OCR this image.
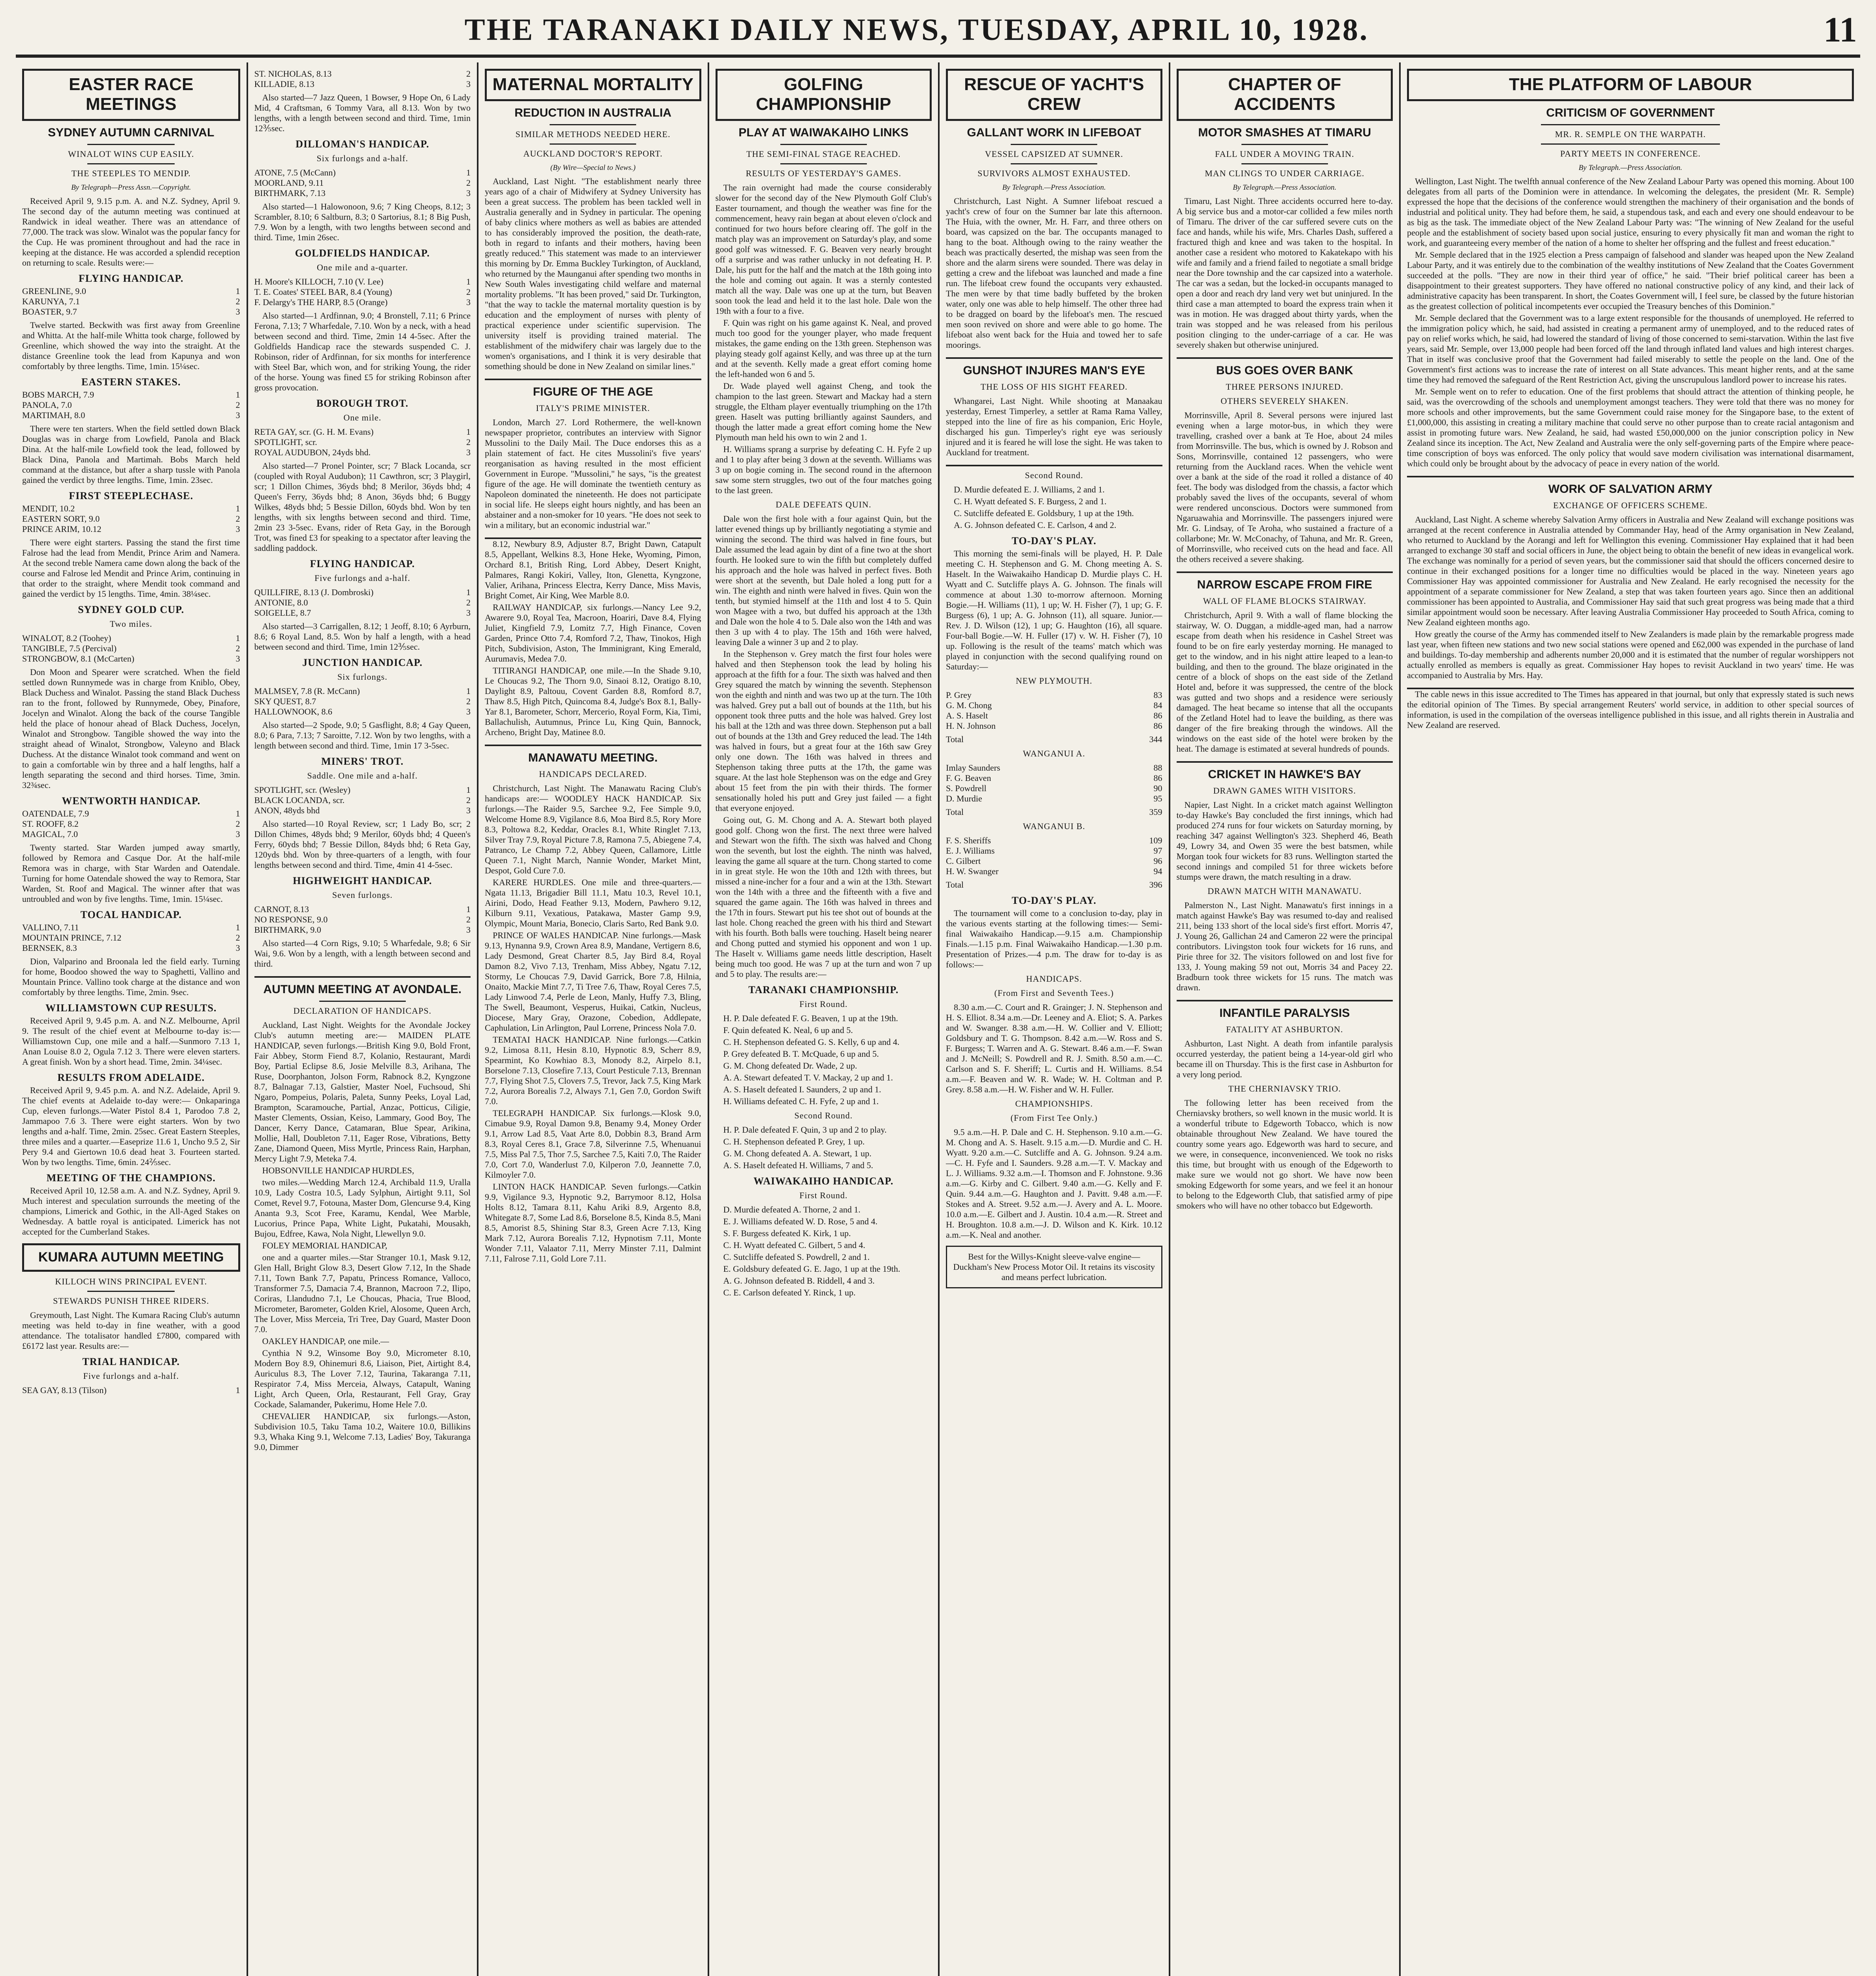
THE TARANAKI DAILY NEWS, TUESDAY, APRIL 10, 1928.	11
EASTER RACE MEETINGS
SYDNEY AUTUMN CARNIVAL
WINALOT WINS CUP EASILY.
THE STEEPLES TO MENDIP.
By Telegraph—Press Assn.—Copyright.

Received April 9, 9.15 p.m. A. and N.Z. Sydney, April 9. The second day of the autumn meeting was continued at Randwick in ideal weather. There was an attendance of 77,000. The track was slow. Winalot was the popular fancy for the Cup. He was prominent throughout and had the race in keeping at the distance. He was accorded a splendid reception on returning to scale. Results were:—

FLYING HANDICAP.
GREENLINE, 9.0	1
KARUNYA, 7.1	2
BOASTER, 9.7	3

Twelve started. Beckwith was first away from Greenline and Whitta. At the half-mile Whitta took charge, followed by Greenline, which showed the way into the straight. At the distance Greenline took the lead from Kapunya and won comfortably by three lengths. Time, 1min. 15¼sec.

EASTERN STAKES.
BOBS MARCH, 7.9	1
PANOLA, 7.0	2
MARTIMAH, 8.0	3

There were ten starters. When the field settled down Black Douglas was in charge from Lowfield, Panola and Black Dina. At the half-mile Lowfield took the lead, followed by Black Dina, Panola and Martimah. Bobs March held command at the distance, but after a sharp tussle with Panola gained the verdict by three lengths. Time, 1min. 23sec.

FIRST STEEPLECHASE.
MENDIT, 10.2	1
EASTERN SORT, 9.0	2
PRINCE ARIM, 10.12	3

There were eight starters. Passing the stand the first time Falrose had the lead from Mendit, Prince Arim and Namera. At the second treble Namera came down along the back of the course and Falrose led Mendit and Prince Arim, continuing in that order to the straight, where Mendit took command and gained the verdict by 15 lengths. Time, 4min. 38¼sec.

SYDNEY GOLD CUP.
Two miles.
WINALOT, 8.2 (Toohey)	1
TANGIBLE, 7.5 (Percival)	2
STRONGBOW, 8.1 (McCarten)	3

Don Moon and Spearer were scratched. When the field settled down Runnymede was in charge from Kniblo, Obey, Black Duchess and Winalot. Passing the stand Black Duchess ran to the front, followed by Runnymede, Obey, Pinafore, Jocelyn and Winalot. Along the back of the course Tangible held the place of honour ahead of Black Duchess, Jocelyn, Winalot and Strongbow. Tangible showed the way into the straight ahead of Winalot, Strongbow, Valeyno and Black Duchess. At the distance Winalot took command and went on to gain a comfortable win by three and a half lengths, half a length separating the second and third horses. Time, 3min. 32¾sec.

WENTWORTH HANDICAP.
OATENDALE, 7.9	1
ST. ROOFF, 8.2	2
MAGICAL, 7.0	3

Twenty started. Star Warden jumped away smartly, followed by Remora and Casque Dor. At the half-mile Remora was in charge, with Star Warden and Oatendale. Turning for home Oatendale showed the way to Remora, Star Warden, St. Roof and Magical. The winner after that was untroubled and won by five lengths. Time, 1min. 15¼sec.

TOCAL HANDICAP.
VALLINO, 7.11	1
MOUNTAIN PRINCE, 7.12	2
BERNSEK, 8.3	3

Dion, Valparino and Broonala led the field early. Turning for home, Boodoo showed the way to Spaghetti, Vallino and Mountain Prince. Vallino took charge at the distance and won comfortably by three lengths. Time, 2min. 9sec.

WILLIAMSTOWN CUP RESULTS.

Received April 9, 9.45 p.m. A. and N.Z. Melbourne, April 9. The result of the chief event at Melbourne to-day is:— Williamstown Cup, one mile and a half.—Sunmoro 7.13 1, Anan Louise 8.0 2, Ogula 7.12 3. There were eleven starters. A great finish. Won by a short head. Time, 2min. 34¼sec.

RESULTS FROM ADELAIDE.

Received April 9, 9.45 p.m. A. and N.Z. Adelaide, April 9. The chief events at Adelaide to-day were:— Onkaparinga Cup, eleven furlongs.—Water Pistol 8.4 1, Parodoo 7.8 2, Jammapoo 7.6 3. There were eight starters. Won by two lengths and a-half. Time, 2min. 25sec. Great Eastern Steeples, three miles and a quarter.—Easeprize 11.6 1, Uncho 9.5 2, Sir Pery 9.4 and Giertown 10.6 dead heat 3. Fourteen started. Won by two lengths. Time, 6min. 24⅖sec.

MEETING OF THE CHAMPIONS.

Received April 10, 12.58 a.m. A. and N.Z. Sydney, April 9. Much interest and speculation surrounds the meeting of the champions, Limerick and Gothic, in the All-Aged Stakes on Wednesday. A battle royal is anticipated. Limerick has not accepted for the Cumberland Stakes.

KUMARA AUTUMN MEETING
KILLOCH WINS PRINCIPAL EVENT.
STEWARDS PUNISH THREE RIDERS.

Greymouth, Last Night. The Kumara Racing Club's autumn meeting was held to-day in fine weather, with a good attendance. The totalisator handled £7800, compared with £6172 last year. Results are:—

TRIAL HANDICAP.
Five furlongs and a-half.
SEA GAY, 8.13 (Tilson)	1
ST. NICHOLAS, 8.13	2
KILLADIE, 8.13	3

Also started—7 Jazz Queen, 1 Bowser, 9 Hope On, 6 Lady Mid, 4 Craftsman, 6 Tommy Vara, all 8.13. Won by two lengths, with a length between second and third. Time, 1min 12⅗sec.

DILLOMAN'S HANDICAP.
Six furlongs and a-half.
ATONE, 7.5 (McCann)	1
MOORLAND, 9.11	2
BIRTHMARK, 7.13	3

Also started—1 Halowonoon, 9.6; 7 King Cheops, 8.12; 3 Scrambler, 8.10; 6 Saltburn, 8.3; 0 Sartorius, 8.1; 8 Big Push, 7.9. Won by a length, with two lengths between second and third. Time, 1min 26sec.

GOLDFIELDS HANDICAP.
One mile and a-quarter.
H. Moore's KILLOCH, 7.10 (V. Lee)	1
T. E. Coates' STEEL BAR, 8.4 (Young)	2
F. Delargy's THE HARP, 8.5 (Orange)	3

Also started—1 Ardfinnan, 9.0; 4 Bronstell, 7.11; 6 Prince Ferona, 7.13; 7 Wharfedale, 7.10. Won by a neck, with a head between second and third. Time, 2min 14 4-5sec. After the Goldfields Handicap race the stewards suspended C. J. Robinson, rider of Ardfinnan, for six months for interference with Steel Bar, which won, and for striking Young, the rider of the horse. Young was fined £5 for striking Robinson after gross provocation.

BOROUGH TROT.
One mile.
RETA GAY, scr. (G. H. M. Evans)	1
SPOTLIGHT, scr.	2
ROYAL AUDUBON, 24yds bhd.	3

Also started—7 Pronel Pointer, scr; 7 Black Locanda, scr (coupled with Royal Audubon); 11 Cawthron, scr; 3 Playgirl, scr; 1 Dillon Chimes, 36yds bhd; 8 Merilor, 36yds bhd; 4 Queen's Ferry, 36yds bhd; 8 Anon, 36yds bhd; 6 Buggy Wilkes, 48yds bhd; 5 Bessie Dillon, 60yds bhd. Won by ten lengths, with six lengths between second and third. Time, 2min 23 3-5sec. Evans, rider of Reta Gay, in the Borough Trot, was fined £3 for speaking to a spectator after leaving the saddling paddock.

FLYING HANDICAP.
Five furlongs and a-half.
QUILLFIRE, 8.13 (J. Dombroski)	1
ANTONIE, 8.0	2
SOIGELLE, 8.7	3

Also started—3 Carrigallen, 8.12; 1 Jeoff, 8.10; 6 Ayrburn, 8.6; 6 Royal Land, 8.5. Won by half a length, with a head between second and third. Time, 1min 12⅗sec.

JUNCTION HANDICAP.
Six furlongs.
MALMSEY, 7.8 (R. McCann)	1
SKY QUEST, 8.7	2
HALLOWNOOK, 8.6	3

Also started—2 Spode, 9.0; 5 Gasflight, 8.8; 4 Gay Queen, 8.0; 6 Para, 7.13; 7 Saroitte, 7.12. Won by two lengths, with a length between second and third. Time, 1min 17 3-5sec.

MINERS' TROT.
Saddle. One mile and a-half.
SPOTLIGHT, scr. (Wesley)	1
BLACK LOCANDA, scr.	2
ANON, 48yds bhd	3

Also started—10 Royal Review, scr; 1 Lady Bo, scr; 2 Dillon Chimes, 48yds bhd; 9 Merilor, 60yds bhd; 4 Queen's Ferry, 60yds bhd; 7 Bessie Dillon, 84yds bhd; 6 Reta Gay, 120yds bhd. Won by three-quarters of a length, with four lengths between second and third. Time, 4min 41 4-5sec.

HIGHWEIGHT HANDICAP.
Seven furlongs.
CARNOT, 8.13	1
NO RESPONSE, 9.0	2
BIRTHMARK, 9.0	3

Also started—4 Corn Rigs, 9.10; 5 Wharfedale, 9.8; 6 Sir Wai, 9.6. Won by a length, with a length between second and third.

AUTUMN MEETING AT AVONDALE.
DECLARATION OF HANDICAPS.

Auckland, Last Night. Weights for the Avondale Jockey Club's autumn meeting are:— MAIDEN PLATE HANDICAP, seven furlongs.—British King 9.0, Bold Front, Fair Abbey, Storm Fiend 8.7, Kolanio, Restaurant, Mardi Boy, Partial Eclipse 8.6, Josie Melville 8.3, Arihana, The Ruse, Doorphanton, Jolson Form, Rabnock 8.2, Kyngzone 8.7, Balnagar 7.13, Galstier, Master Noel, Fuchsoud, Shi Ngaro, Pompeius, Polaris, Paleta, Sunny Peeks, Loyal Lad, Brampton, Scaramouche, Partial, Anzac, Potticus, Ciligie, Master Clements, Ossian, Keiso, Lammary, Good Boy, The Dancer, Kerry Dance, Catamaran, Blue Spear, Arikina, Mollie, Hall, Doubleton 7.11, Eager Rose, Vibrations, Betty Zane, Diamond Queen, Miss Myrtle, Princess Rain, Harphan, Mercy Light 7.9, Meteka 7.4.

HOBSONVILLE HANDICAP HURDLES,

two miles.—Wedding March 12.4, Archibald 11.9, Uralla 10.9, Lady Costra 10.5, Lady Sylphun, Airtight 9.11, Sol Comet, Revel 9.7, Fotouna, Master Dom, Glencurse 9.4, King Ananta 9.3, Scot Free, Karamu, Kendal, Wee Marble, Lucorius, Prince Papa, White Light, Pukatahi, Mousakh, Bujou, Edfree, Kawa, Nola Night, Llewellyn 9.0.

FOLEY MEMORIAL HANDICAP,

one and a quarter miles.—Star Stranger 10.1, Mask 9.12, Glen Hall, Bright Glow 8.3, Desert Glow 7.12, In the Shade 7.11, Town Bank 7.7, Papatu, Princess Romance, Valloco, Transformer 7.5, Damacia 7.4, Brannon, Macroon 7.2, Ilipo, Coriras, Llandudno 7.1, Le Choucas, Phacia, True Blood, Micrometer, Barometer, Golden Kriel, Alosome, Queen Arch, The Lover, Miss Merceia, Tri Tree, Day Guard, Master Doon 7.0.

OAKLEY HANDICAP, one mile.—

Cynthia N 9.2, Winsome Boy 9.0, Micrometer 8.10, Modern Boy 8.9, Ohinemuri 8.6, Liaison, Piet, Airtight 8.4, Auriculus 8.3, The Lover 7.12, Taurina, Takaranga 7.11, Respirator 7.4, Miss Merceia, Always, Catapult, Waning Light, Arch Queen, Orla, Restaurant, Fell Gray, Gray Cockade, Salamander, Pukerimu, Home Hele 7.0.

CHEVALIER HANDICAP, six furlongs.—Aston, Subdivision 10.5, Taku Tama 10.2, Waitere 10.0, Billikins 9.3, Whaka King 9.1, Welcome 7.13, Ladies' Boy, Takuranga 9.0, Dimmer

MATERNAL MORTALITY
REDUCTION IN AUSTRALIA
SIMILAR METHODS NEEDED HERE.
AUCKLAND DOCTOR'S REPORT.
(By Wire—Special to News.)

Auckland, Last Night. "The establishment nearly three years ago of a chair of Midwifery at Sydney University has been a great success. The problem has been tackled well in Australia generally and in Sydney in particular. The opening of baby clinics where mothers as well as babies are attended to has considerably improved the position, the death-rate, both in regard to infants and their mothers, having been greatly reduced." This statement was made to an interviewer this morning by Dr. Emma Buckley Turkington, of Auckland, who returned by the Maunganui after spending two months in New South Wales investigating child welfare and maternal mortality problems. "It has been proved," said Dr. Turkington, "that the way to tackle the maternal mortality question is by education and the employment of nurses with plenty of practical experience under scientific supervision. The university itself is providing trained material. The establishment of the midwifery chair was largely due to the women's organisations, and I think it is very desirable that something should be done in New Zealand on similar lines."

FIGURE OF THE AGE
ITALY'S PRIME MINISTER.

London, March 27. Lord Rothermere, the well-known newspaper proprietor, contributes an interview with Signor Mussolini to the Daily Mail. The Duce endorses this as a plain statement of fact. He cites Mussolini's five years' reorganisation as having resulted in the most efficient Government in Europe. "Mussolini," he says, "is the greatest figure of the age. He will dominate the twentieth century as Napoleon dominated the nineteenth. He does not participate in social life. He sleeps eight hours nightly, and has been an abstainer and a non-smoker for 10 years. "He does not seek to win a military, but an economic industrial war."

8.12, Newbury 8.9, Adjuster 8.7, Bright Dawn, Catapult 8.5, Appellant, Welkins 8.3, Hone Heke, Wyoming, Pimon, Orchard 8.1, British Ring, Lord Abbey, Desert Knight, Palmares, Rangi Kokiri, Valley, Iton, Glenetta, Kyngzone, Valier, Arihana, Princess Electra, Kerry Dance, Miss Mavis, Bright Comet, Air King, Wee Marble 8.0.

RAILWAY HANDICAP, six furlongs.—Nancy Lee 9.2, Awarere 9.0, Royal Tea, Macroon, Hoariri, Dave 8.4, Flying Juliet, Kingfield 7.9, Lomitz 7.7, High Finance, Coven Garden, Prince Otto 7.4, Romford 7.2, Thaw, Tinokos, High Pitch, Subdivision, Aston, The Imminigrant, King Emerald, Aurumavis, Medea 7.0.

TITIRANGI HANDICAP, one mile.—In the Shade 9.10, Le Choucas 9.2, The Thorn 9.0, Sinaoi 8.12, Oratigo 8.10, Daylight 8.9, Paltouu, Covent Garden 8.8, Romford 8.7, Thaw 8.5, High Pitch, Quincoma 8.4, Judge's Box 8.1, Bally-Yar 8.1, Barometer, Schorr, Mercerio, Royal Form, Kia, Timi, Ballachulish, Autumnus, Prince Lu, King Quin, Bannock, Archeno, Bright Day, Matinee 8.0.

MANAWATU MEETING.
HANDICAPS DECLARED.

Christchurch, Last Night. The Manawatu Racing Club's handicaps are:— WOODLEY HACK HANDICAP. Six furlongs.—The Raider 9.5, Sarchee 9.2, Fee Simple 9.0, Welcome Home 8.9, Vigilance 8.6, Moa Bird 8.5, Rory More 8.3, Poltowa 8.2, Keddar, Oracles 8.1, White Ringlet 7.13, Silver Tray 7.9, Royal Picture 7.8, Ramona 7.5, Abiegene 7.4, Patranco, Le Champ 7.2, Abbey Queen, Callamore, Little Queen 7.1, Night March, Nannie Wonder, Market Mint, Despot, Gold Cure 7.0.

KARERE HURDLES. One mile and three-quarters.—Ngata 11.13, Brigadier Bill 11.1, Matu 10.3, Revel 10.1, Airini, Dodo, Head Feather 9.13, Modern, Pawhero 9.12, Kilburn 9.11, Vexatious, Patakawa, Master Gamp 9.9, Olympic, Mount Maria, Bonecio, Claris Sarto, Red Bank 9.0.

PRINCE OF WALES HANDICAP. Nine furlongs.—Mask 9.13, Hynanna 9.9, Crown Area 8.9, Mandane, Vertigern 8.6, Lady Desmond, Great Charter 8.5, Jay Bird 8.4, Royal Damon 8.2, Vivo 7.13, Trenham, Miss Abbey, Ngatu 7.12, Stormy, Le Choucas 7.9, David Garrick, Bore 7.8, Hilnia, Onaito, Mackie Mint 7.7, Ti Tree 7.6, Thaw, Royal Ceres 7.5, Lady Linwood 7.4, Perle de Leon, Manly, Huffy 7.3, Bling, The Swell, Beaumont, Vesperus, Huikai, Catkin, Nucleus, Diocese, Mary Gray, Orazone, Cobedion, Addlepate, Caphulation, Lin Arlington, Paul Lorrene, Princess Nola 7.0.

TEMATAI HACK HANDICAP. Nine furlongs.—Catkin 9.2, Limosa 8.11, Hesin 8.10, Hypnotic 8.9, Scherr 8.9, Spearmint, Ko Kowhiao 8.3, Monody 8.2, Airpelo 8.1, Borselone 7.13, Closefire 7.13, Court Pesticule 7.13, Brennan 7.7, Flying Shot 7.5, Clovers 7.5, Trevor, Jack 7.5, King Mark 7.2, Aurora Borealis 7.2, Always 7.1, Gen 7.0, Gordon Swift 7.0.

TELEGRAPH HANDICAP. Six furlongs.—Klosk 9.0, Cimabue 9.9, Royal Damon 9.8, Benamy 9.4, Money Order 9.1, Arrow Lad 8.5, Vaat Arte 8.0, Dobbin 8.3, Brand Arm 8.3, Royal Ceres 8.1, Grace 7.8, Silverinne 7.5, Whenuanui 7.5, Miss Pal 7.5, Thor 7.5, Sarchee 7.5, Kaiti 7.0, The Raider 7.0, Cort 7.0, Wanderlust 7.0, Kilperon 7.0, Jeannette 7.0, Kilmoyler 7.0.

LINTON HACK HANDICAP. Seven furlongs.—Catkin 9.9, Vigilance 9.3, Hypnotic 9.2, Barrymoor 8.12, Holsa Holts 8.12, Tamara 8.11, Kahu Ariki 8.9, Argento 8.8, Whitegate 8.7, Some Lad 8.6, Borselone 8.5, Kinda 8.5, Mani 8.5, Amorist 8.5, Shining Star 8.3, Green Acre 7.13, King Mark 7.12, Aurora Borealis 7.12, Hypnotism 7.11, Monte Wonder 7.11, Valaator 7.11, Merry Minster 7.11, Dalmint 7.11, Falrose 7.11, Gold Lore 7.11.

GOLFING CHAMPIONSHIP
PLAY AT WAIWAKAIHO LINKS
THE SEMI-FINAL STAGE REACHED.
RESULTS OF YESTERDAY'S GAMES.

The rain overnight had made the course considerably slower for the second day of the New Plymouth Golf Club's Easter tournament, and though the weather was fine for the commencement, heavy rain began at about eleven o'clock and continued for two hours before clearing off. The golf in the match play was an improvement on Saturday's play, and some good golf was witnessed. F. G. Beaven very nearly brought off a surprise and was rather unlucky in not defeating H. P. Dale, his putt for the half and the match at the 18th going into the hole and coming out again. It was a sternly contested match all the way. Dale was one up at the turn, but Beaven soon took the lead and held it to the last hole. Dale won the 19th with a four to a five.

F. Quin was right on his game against K. Neal, and proved much too good for the younger player, who made frequent mistakes, the game ending on the 13th green. Stephenson was playing steady golf against Kelly, and was three up at the turn and at the seventh. Kelly made a great effort coming home the left-handed won 6 and 5.

Dr. Wade played well against Cheng, and took the champion to the last green. Stewart and Mackay had a stern struggle, the Eltham player eventually triumphing on the 17th green. Haselt was putting brilliantly against Saunders, and though the latter made a great effort coming home the New Plymouth man held his own to win 2 and 1.

H. Williams sprang a surprise by defeating C. H. Fyfe 2 up and 1 to play after being 3 down at the seventh. Williams was 3 up on bogie coming in. The second round in the afternoon saw some stern struggles, two out of the four matches going to the last green.

DALE DEFEATS QUIN.

Dale won the first hole with a four against Quin, but the latter evened things up by brilliantly negotiating a stymie and winning the second. The third was halved in fine fours, but Dale assumed the lead again by dint of a fine two at the short fourth. He looked sure to win the fifth but completely duffed his approach and the hole was halved in perfect fives. Both were short at the seventh, but Dale holed a long putt for a win. The eighth and ninth were halved in fives. Quin won the tenth, but stymied himself at the 11th and lost 4 to 5. Quin won Magee with a two, but duffed his approach at the 13th and Dale won the hole 4 to 5. Dale also won the 14th and was then 3 up with 4 to play. The 15th and 16th were halved, leaving Dale a winner 3 up and 2 to play.

In the Stephenson v. Grey match the first four holes were halved and then Stephenson took the lead by holing his approach at the fifth for a four. The sixth was halved and then Grey squared the match by winning the seventh. Stephenson won the eighth and ninth and was two up at the turn. The 10th was halved. Grey put a ball out of bounds at the 11th, but his opponent took three putts and the hole was halved. Grey lost his ball at the 12th and was three down. Stephenson put a ball out of bounds at the 13th and Grey reduced the lead. The 14th was halved in fours, but a great four at the 16th saw Grey only one down. The 16th was halved in threes and Stephenson taking three putts at the 17th, the game was square. At the last hole Stephenson was on the edge and Grey about 15 feet from the pin with their thirds. The former sensationally holed his putt and Grey just failed — a fight that everyone enjoyed.

Going out, G. M. Chong and A. A. Stewart both played good golf. Chong won the first. The next three were halved and Stewart won the fifth. The sixth was halved and Chong won the seventh, but lost the eighth. The ninth was halved, leaving the game all square at the turn. Chong started to come in in great style. He won the 10th and 12th with threes, but missed a nine-incher for a four and a win at the 13th. Stewart won the 14th with a three and the fifteenth with a five and squared the game again. The 16th was halved in threes and the 17th in fours. Stewart put his tee shot out of bounds at the last hole. Chong reached the green with his third and Stewart with his fourth. Both balls were touching. Haselt being nearer and Chong putted and stymied his opponent and won 1 up. The Haselt v. Williams game needs little description, Haselt being much too good. He was 7 up at the turn and won 7 up and 5 to play. The results are:—

TARANAKI CHAMPIONSHIP.
First Round.

H. P. Dale defeated F. G. Beaven, 1 up at the 19th.

F. Quin defeated K. Neal, 6 up and 5.

C. H. Stephenson defeated G. S. Kelly, 6 up and 4.

P. Grey defeated B. T. McQuade, 6 up and 5.

G. M. Chong defeated Dr. Wade, 2 up.

A. A. Stewart defeated T. V. Mackay, 2 up and 1.

A. S. Haselt defeated I. Saunders, 2 up and 1.

H. Williams defeated C. H. Fyfe, 2 up and 1.

Second Round.

H. P. Dale defeated F. Quin, 3 up and 2 to play.

C. H. Stephenson defeated P. Grey, 1 up.

G. M. Chong defeated A. A. Stewart, 1 up.

A. S. Haselt defeated H. Williams, 7 and 5.

WAIWAKAIHO HANDICAP.
First Round.

D. Murdie defeated A. Thorne, 2 and 1.

E. J. Williams defeated W. D. Rose, 5 and 4.

S. F. Burgess defeated K. Kirk, 1 up.

C. H. Wyatt defeated C. Gilbert, 5 and 4.

C. Sutcliffe defeated S. Powdrell, 2 and 1.

E. Goldsbury defeated G. E. Jago, 1 up at the 19th.

A. G. Johnson defeated B. Riddell, 4 and 3.

C. E. Carlson defeated Y. Rinck, 1 up.

RESCUE OF YACHT'S CREW
GALLANT WORK IN LIFEBOAT
VESSEL CAPSIZED AT SUMNER.
SURVIVORS ALMOST EXHAUSTED.
By Telegraph.—Press Association.

Christchurch, Last Night. A Sumner lifeboat rescued a yacht's crew of four on the Sumner bar late this afternoon. The Huia, with the owner, Mr. H. Farr, and three others on board, was capsized on the bar. The occupants managed to hang to the boat. Although owing to the rainy weather the beach was practically deserted, the mishap was seen from the shore and the alarm sirens were sounded. There was delay in getting a crew and the lifeboat was launched and made a fine run. The lifeboat crew found the occupants very exhausted. The men were by that time badly buffeted by the broken water, only one was able to help himself. The other three had to be dragged on board by the lifeboat's men. The rescued men soon revived on shore and were able to go home. The lifeboat also went back for the Huia and towed her to safe moorings.

GUNSHOT INJURES MAN'S EYE
THE LOSS OF HIS SIGHT FEARED.

Whangarei, Last Night. While shooting at Manaakau yesterday, Ernest Timperley, a settler at Rama Rama Valley, stepped into the line of fire as his companion, Eric Hoyle, discharged his gun. Timperley's right eye was seriously injured and it is feared he will lose the sight. He was taken to Auckland for treatment.

Second Round.

D. Murdie defeated E. J. Williams, 2 and 1.

C. H. Wyatt defeated S. F. Burgess, 2 and 1.

C. Sutcliffe defeated E. Goldsbury, 1 up at the 19th.

A. G. Johnson defeated C. E. Carlson, 4 and 2.

TO-DAY'S PLAY.

This morning the semi-finals will be played, H. P. Dale meeting C. H. Stephenson and G. M. Chong meeting A. S. Haselt. In the Waiwakaiho Handicap D. Murdie plays C. H. Wyatt and C. Sutcliffe plays A. G. Johnson. The finals will commence at about 1.30 to-morrow afternoon. Morning Bogie.—H. Williams (11), 1 up; W. H. Fisher (7), 1 up; G. F. Burgess (6), 1 up; A. G. Johnson (11), all square. Junior.—Rev. J. D. Wilson (12), 1 up; G. Haughton (16), all square. Four-ball Bogie.—W. H. Fuller (17) v. W. H. Fisher (7), 10 up. Following is the result of the teams' match which was played in conjunction with the second qualifying round on Saturday:—

NEW PLYMOUTH.
P. Grey	83
G. M. Chong	84
A. S. Haselt	86
H. N. Johnson	86
Total	344
WANGANUI A.
Imlay Saunders	88
F. G. Beaven	86
S. Powdrell	90
D. Murdie	95
Total	359
WANGANUI B.
F. S. Sheriffs	109
E. J. Williams	97
C. Gilbert	96
H. W. Swanger	94
Total	396
TO-DAY'S PLAY.

The tournament will come to a conclusion to-day, play in the various events starting at the following times:— Semi-final Waiwakaiho Handicap.—9.15 a.m. Championship Finals.—1.15 p.m. Final Waiwakaiho Handicap.—1.30 p.m. Presentation of Prizes.—4 p.m. The draw for to-day is as follows:—

HANDICAPS.
(From First and Seventh Tees.)

8.30 a.m.—C. Court and R. Grainger; J. N. Stephenson and H. S. Elliot. 8.34 a.m.—Dr. Leeney and A. Eliot; S. A. Parkes and W. Swanger. 8.38 a.m.—H. W. Collier and V. Elliott; Goldsbury and T. G. Thompson. 8.42 a.m.—W. Ross and S. F. Burgess; T. Warren and A. G. Stewart. 8.46 a.m.—F. Swan and J. McNeill; S. Powdrell and R. J. Smith. 8.50 a.m.—C. Carlson and S. F. Sheriff; L. Curtis and H. Williams. 8.54 a.m.—F. Beaven and W. R. Wade; W. H. Coltman and P. Grey. 8.58 a.m.—H. W. Fisher and W. H. Fuller.

CHAMPIONSHIPS.
(From First Tee Only.)

9.5 a.m.—H. P. Dale and C. H. Stephenson. 9.10 a.m.—G. M. Chong and A. S. Haselt. 9.15 a.m.—D. Murdie and C. H. Wyatt. 9.20 a.m.—C. Sutcliffe and A. G. Johnson. 9.24 a.m.—C. H. Fyfe and I. Saunders. 9.28 a.m.—T. V. Mackay and L. J. Williams. 9.32 a.m.—I. Thomson and F. Johnstone. 9.36 a.m.—G. Kirby and C. Gilbert. 9.40 a.m.—G. Kelly and F. Quin. 9.44 a.m.—G. Haughton and J. Pavitt. 9.48 a.m.—F. Stokes and A. Street. 9.52 a.m.—J. Avery and A. L. Moore. 10.0 a.m.—E. Gilbert and J. Austin. 10.4 a.m.—R. Street and H. Broughton. 10.8 a.m.—J. D. Wilson and K. Kirk. 10.12 a.m.—K. Neal and another.

Best for the Willys-Knight sleeve-valve engine—Duckham's New Process Motor Oil. It retains its viscosity and means perfect lubrication.
CHAPTER OF ACCIDENTS
MOTOR SMASHES AT TIMARU
FALL UNDER A MOVING TRAIN.
MAN CLINGS TO UNDER CARRIAGE.
By Telegraph.—Press Association.

Timaru, Last Night. Three accidents occurred here to-day. A big service bus and a motor-car collided a few miles north of Timaru. The driver of the car suffered severe cuts on the face and hands, while his wife, Mrs. Charles Dash, suffered a fractured thigh and knee and was taken to the hospital. In another case a resident who motored to Kakatekapo with his wife and family and a friend failed to negotiate a small bridge near the Dore township and the car capsized into a waterhole. The car was a sedan, but the locked-in occupants managed to open a door and reach dry land very wet but uninjured. In the third case a man attempted to board the express train when it was in motion. He was dragged about thirty yards, when the train was stopped and he was released from his perilous position clinging to the under-carriage of a car. He was severely shaken but otherwise uninjured.

BUS GOES OVER BANK
THREE PERSONS INJURED.
OTHERS SEVERELY SHAKEN.

Morrinsville, April 8. Several persons were injured last evening when a large motor-bus, in which they were travelling, crashed over a bank at Te Hoe, about 24 miles from Morrinsville. The bus, which is owned by J. Robson and Sons, Morrinsville, contained 12 passengers, who were returning from the Auckland races. When the vehicle went over a bank at the side of the road it rolled a distance of 40 feet. The body was dislodged from the chassis, a factor which probably saved the lives of the occupants, several of whom were rendered unconscious. Doctors were summoned from Ngaruawahia and Morrinsville. The passengers injured were Mr. G. Lindsay, of Te Aroha, who sustained a fracture of a collarbone; Mr. W. McConachy, of Tahuna, and Mr. R. Green, of Morrinsville, who received cuts on the head and face. All the others received a severe shaking.

NARROW ESCAPE FROM FIRE
WALL OF FLAME BLOCKS STAIRWAY.

Christchurch, April 9. With a wall of flame blocking the stairway, W. O. Duggan, a middle-aged man, had a narrow escape from death when his residence in Cashel Street was found to be on fire early yesterday morning. He managed to get to the window, and in his night attire leaped to a lean-to building, and then to the ground. The blaze originated in the centre of a block of shops on the east side of the Zetland Hotel and, before it was suppressed, the centre of the block was gutted and two shops and a residence were seriously damaged. The heat became so intense that all the occupants of the Zetland Hotel had to leave the building, as there was danger of the fire breaking through the windows. All the windows on the east side of the hotel were broken by the heat. The damage is estimated at several hundreds of pounds.

CRICKET IN HAWKE'S BAY
DRAWN GAMES WITH VISITORS.

Napier, Last Night. In a cricket match against Wellington to-day Hawke's Bay concluded the first innings, which had produced 274 runs for four wickets on Saturday morning, by reaching 347 against Wellington's 323. Shepherd 46, Beath 49, Lowry 34, and Owen 35 were the best batsmen, while Morgan took four wickets for 83 runs. Wellington started the second innings and compiled 51 for three wickets before stumps were drawn, the match resulting in a draw.

DRAWN MATCH WITH MANAWATU.

Palmerston N., Last Night. Manawatu's first innings in a match against Hawke's Bay was resumed to-day and realised 211, being 133 short of the local side's first effort. Morris 47, J. Young 26, Gallichan 24 and Cameron 22 were the principal contributors. Livingston took four wickets for 16 runs, and Pirie three for 32. The visitors followed on and lost five for 133, J. Young making 59 not out, Morris 34 and Pacey 22. Bradburn took three wickets for 15 runs. The match was drawn.

INFANTILE PARALYSIS
FATALITY AT ASHBURTON.

Ashburton, Last Night. A death from infantile paralysis occurred yesterday, the patient being a 14-year-old girl who became ill on Thursday. This is the first case in Ashburton for a very long period.

THE CHERNIAVSKY TRIO.

The following letter has been received from the Cherniavsky brothers, so well known in the music world. It is a wonderful tribute to Edgeworth Tobacco, which is now obtainable throughout New Zealand. We have toured the country some years ago. Edgeworth was hard to secure, and we were, in consequence, inconvenienced. We took no risks this time, but brought with us enough of the Edgeworth to make sure we would not go short. We have now been smoking Edgeworth for some years, and we feel it an honour to belong to the Edgeworth Club, that satisfied army of pipe smokers who will have no other tobacco but Edgeworth.

THE PLATFORM OF LABOUR
CRITICISM OF GOVERNMENT
MR. R. SEMPLE ON THE WARPATH.
PARTY MEETS IN CONFERENCE.
By Telegraph.—Press Association.

Wellington, Last Night. The twelfth annual conference of the New Zealand Labour Party was opened this morning. About 100 delegates from all parts of the Dominion were in attendance. In welcoming the delegates, the president (Mr. R. Semple) expressed the hope that the decisions of the conference would strengthen the machinery of their organisation and the bonds of industrial and political unity. They had before them, he said, a stupendous task, and each and every one should endeavour to be as big as the task. The immediate object of the New Zealand Labour Party was: "The winning of New Zealand for the useful people and the establishment of society based upon social justice, ensuring to every physically fit man and woman the right to work, and guaranteeing every member of the nation of a home to shelter her offspring and the fullest and freest education."

Mr. Semple declared that in the 1925 election a Press campaign of falsehood and slander was heaped upon the New Zealand Labour Party, and it was entirely due to the combination of the wealthy institutions of New Zealand that the Coates Government succeeded at the polls. "They are now in their third year of office," he said. "Their brief political career has been a disappointment to their greatest supporters. They have offered no national constructive policy of any kind, and their lack of administrative capacity has been transparent. In short, the Coates Government will, I feel sure, be classed by the future historian as the greatest collection of political incompetents ever occupied the Treasury benches of this Dominion."

Mr. Semple declared that the Government was to a large extent responsible for the thousands of unemployed. He referred to the immigration policy which, he said, had assisted in creating a permanent army of unemployed, and to the reduced rates of pay on relief works which, he said, had lowered the standard of living of those concerned to semi-starvation. Within the last five years, said Mr. Semple, over 13,000 people had been forced off the land through inflated land values and high interest charges. That in itself was conclusive proof that the Government had failed miserably to settle the people on the land. One of the Government's first actions was to increase the rate of interest on all State advances. This meant higher rents, and at the same time they had removed the safeguard of the Rent Restriction Act, giving the unscrupulous landlord power to increase his rates.

Mr. Semple went on to refer to education. One of the first problems that should attract the attention of thinking people, he said, was the overcrowding of the schools and unemployment amongst teachers. They were told that there was no money for more schools and other improvements, but the same Government could raise money for the Singapore base, to the extent of £1,000,000, this assisting in creating a military machine that could serve no other purpose than to create racial antagonism and assist in promoting future wars. New Zealand, he said, had wasted £50,000,000 on the junior conscription policy in New Zealand since its inception. The Act, New Zealand and Australia were the only self-governing parts of the Empire where peace-time conscription of boys was enforced. The only policy that would save modern civilisation was international disarmament, which could only be brought about by the advocacy of peace in every nation of the world.

WORK OF SALVATION ARMY
EXCHANGE OF OFFICERS SCHEME.

Auckland, Last Night. A scheme whereby Salvation Army officers in Australia and New Zealand will exchange positions was arranged at the recent conference in Australia attended by Commander Hay, head of the Army organisation in New Zealand, who returned to Auckland by the Aorangi and left for Wellington this evening. Commissioner Hay explained that it had been arranged to exchange 30 staff and social officers in June, the object being to obtain the benefit of new ideas in evangelical work. The exchange was nominally for a period of seven years, but the commissioner said that should the officers concerned desire to continue in their exchanged positions for a longer time no difficulties would be placed in the way. Nineteen years ago Commissioner Hay was appointed commissioner for Australia and New Zealand. He early recognised the necessity for the appointment of a separate commissioner for New Zealand, a step that was taken fourteen years ago. Since then an additional commissioner has been appointed to Australia, and Commissioner Hay said that such great progress was being made that a third similar appointment would soon be necessary. After leaving Australia Commissioner Hay proceeded to South Africa, coming to New Zealand eighteen months ago.

How greatly the course of the Army has commended itself to New Zealanders is made plain by the remarkable progress made last year, when fifteen new stations and two new social stations were opened and £62,000 was expended in the purchase of land and buildings. To-day membership and adherents number 20,000 and it is estimated that the number of regular worshippers not actually enrolled as members is equally as great. Commissioner Hay hopes to revisit Auckland in two years' time. He was accompanied to Australia by Mrs. Hay.

The cable news in this issue accredited to The Times has appeared in that journal, but only that expressly stated is such news the editorial opinion of The Times. By special arrangement Reuters' world service, in addition to other special sources of information, is used in the compilation of the overseas intelligence published in this issue, and all rights therein in Australia and New Zealand are reserved.
